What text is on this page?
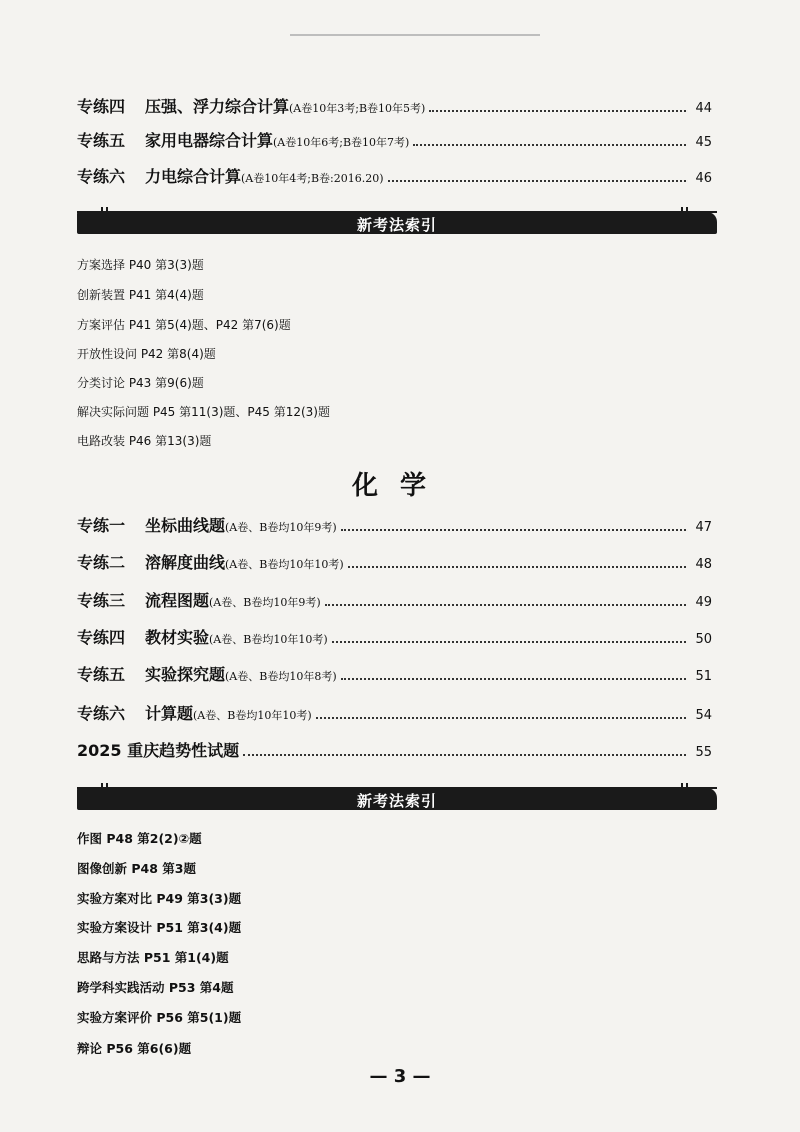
专练四	压强、浮力综合计算 (A卷10年3考;B卷10年5考)	44
专练五	家用电器综合计算 (A卷10年6考;B卷10年7考)	45
专练六	力电综合计算 (A卷10年4考;B卷:2016.20)	46
新考法索引
方案选择 P40 第3(3)题
创新装置 P41 第4(4)题
方案评估 P41 第5(4)题、P42 第7(6)题
开放性设问 P42 第8(4)题
分类讨论 P43 第9(6)题
解决实际问题 P45 第11(3)题、P45 第12(3)题
电路改装 P46 第13(3)题
化学
专练一	坐标曲线题 (A卷、B卷均10年9考)	47
专练二	溶解度曲线 (A卷、B卷均10年10考)	48
专练三	流程图题 (A卷、B卷均10年9考)	49
专练四	教材实验 (A卷、B卷均10年10考)	50
专练五	实验探究题 (A卷、B卷均10年8考)	51
专练六	计算题 (A卷、B卷均10年10考)	54
2025 重庆趋势性试题	55
新考法索引
作图 P48 第2(2)②题
图像创新 P48 第3题
实验方案对比 P49 第3(3)题
实验方案设计 P51 第3(4)题
思路与方法 P51 第1(4)题
跨学科实践活动 P53 第4题
实验方案评价 P56 第5(1)题
辩论 P56 第6(6)题
— 3 —
